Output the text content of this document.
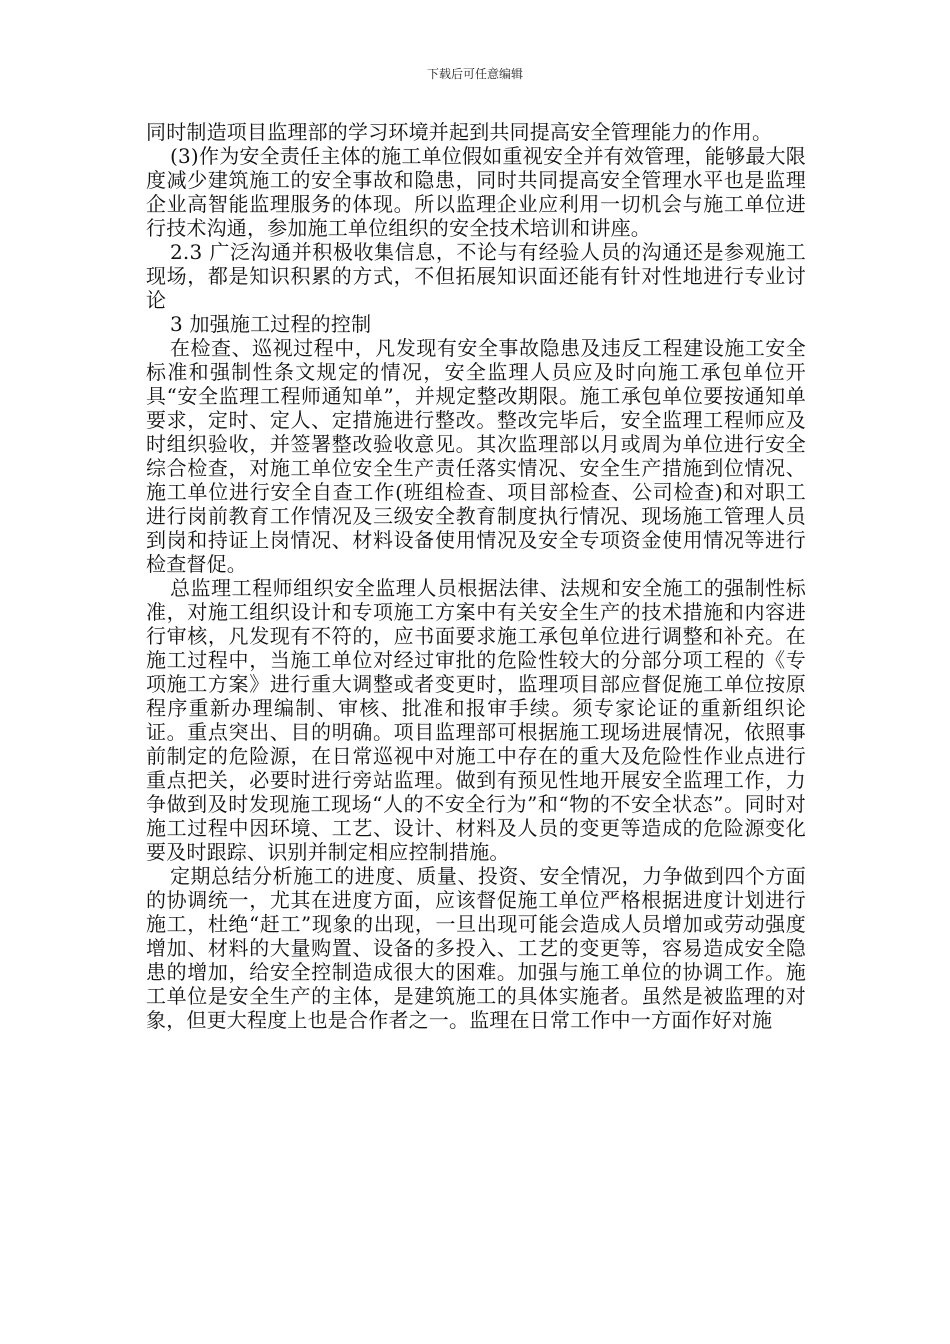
下载后可任意编辑

同时制造项目监理部的学习环境并起到共同提高安全管理能力的作用。

(3)作为安全责任主体的施工单位假如重视安全并有效管理，能够最大限度减少建筑施工的安全事故和隐患，同时共同提高安全管理水平也是监理企业高智能监理服务的体现。所以监理企业应利用一切机会与施工单位进行技术沟通，参加施工单位组织的安全技术培训和讲座。

2.3 广泛沟通并积极收集信息，不论与有经验人员的沟通还是参观施工现场，都是知识积累的方式，不但拓展知识面还能有针对性地进行专业讨论

3 加强施工过程的控制

在检查、巡视过程中，凡发现有安全事故隐患及违反工程建设施工安全标准和强制性条文规定的情况，安全监理人员应及时向施工承包单位开具“安全监理工程师通知单”，并规定整改期限。施工承包单位要按通知单要求，定时、定人、定措施进行整改。整改完毕后，安全监理工程师应及时组织验收，并签署整改验收意见。其次监理部以月或周为单位进行安全综合检查，对施工单位安全生产责任落实情况、安全生产措施到位情况、施工单位进行安全自查工作(班组检查、项目部检查、公司检查)和对职工进行岗前教育工作情况及三级安全教育制度执行情况、现场施工管理人员到岗和持证上岗情况、材料设备使用情况及安全专项资金使用情况等进行检查督促。

总监理工程师组织安全监理人员根据法律、法规和安全施工的强制性标准，对施工组织设计和专项施工方案中有关安全生产的技术措施和内容进行审核，凡发现有不符的，应书面要求施工承包单位进行调整和补充。在施工过程中，当施工单位对经过审批的危险性较大的分部分项工程的《专项施工方案》进行重大调整或者变更时，监理项目部应督促施工单位按原程序重新办理编制、审核、批准和报审手续。须专家论证的重新组织论证。重点突出、目的明确。项目监理部可根据施工现场进展情况，依照事前制定的危险源，在日常巡视中对施工中存在的重大及危险性作业点进行重点把关，必要时进行旁站监理。做到有预见性地开展安全监理工作，力争做到及时发现施工现场“人的不安全行为”和“物的不安全状态”。同时对施工过程中因环境、工艺、设计、材料及人员的变更等造成的危险源变化要及时跟踪、识别并制定相应控制措施。

定期总结分析施工的进度、质量、投资、安全情况，力争做到四个方面的协调统一，尤其在进度方面，应该督促施工单位严格根据进度计划进行施工，杜绝“赶工”现象的出现，一旦出现可能会造成人员增加或劳动强度增加、材料的大量购置、设备的多投入、工艺的变更等，容易造成安全隐患的增加，给安全控制造成很大的困难。加强与施工单位的协调工作。施工单位是安全生产的主体，是建筑施工的具体实施者。虽然是被监理的对象，但更大程度上也是合作者之一。监理在日常工作中一方面作好对施
